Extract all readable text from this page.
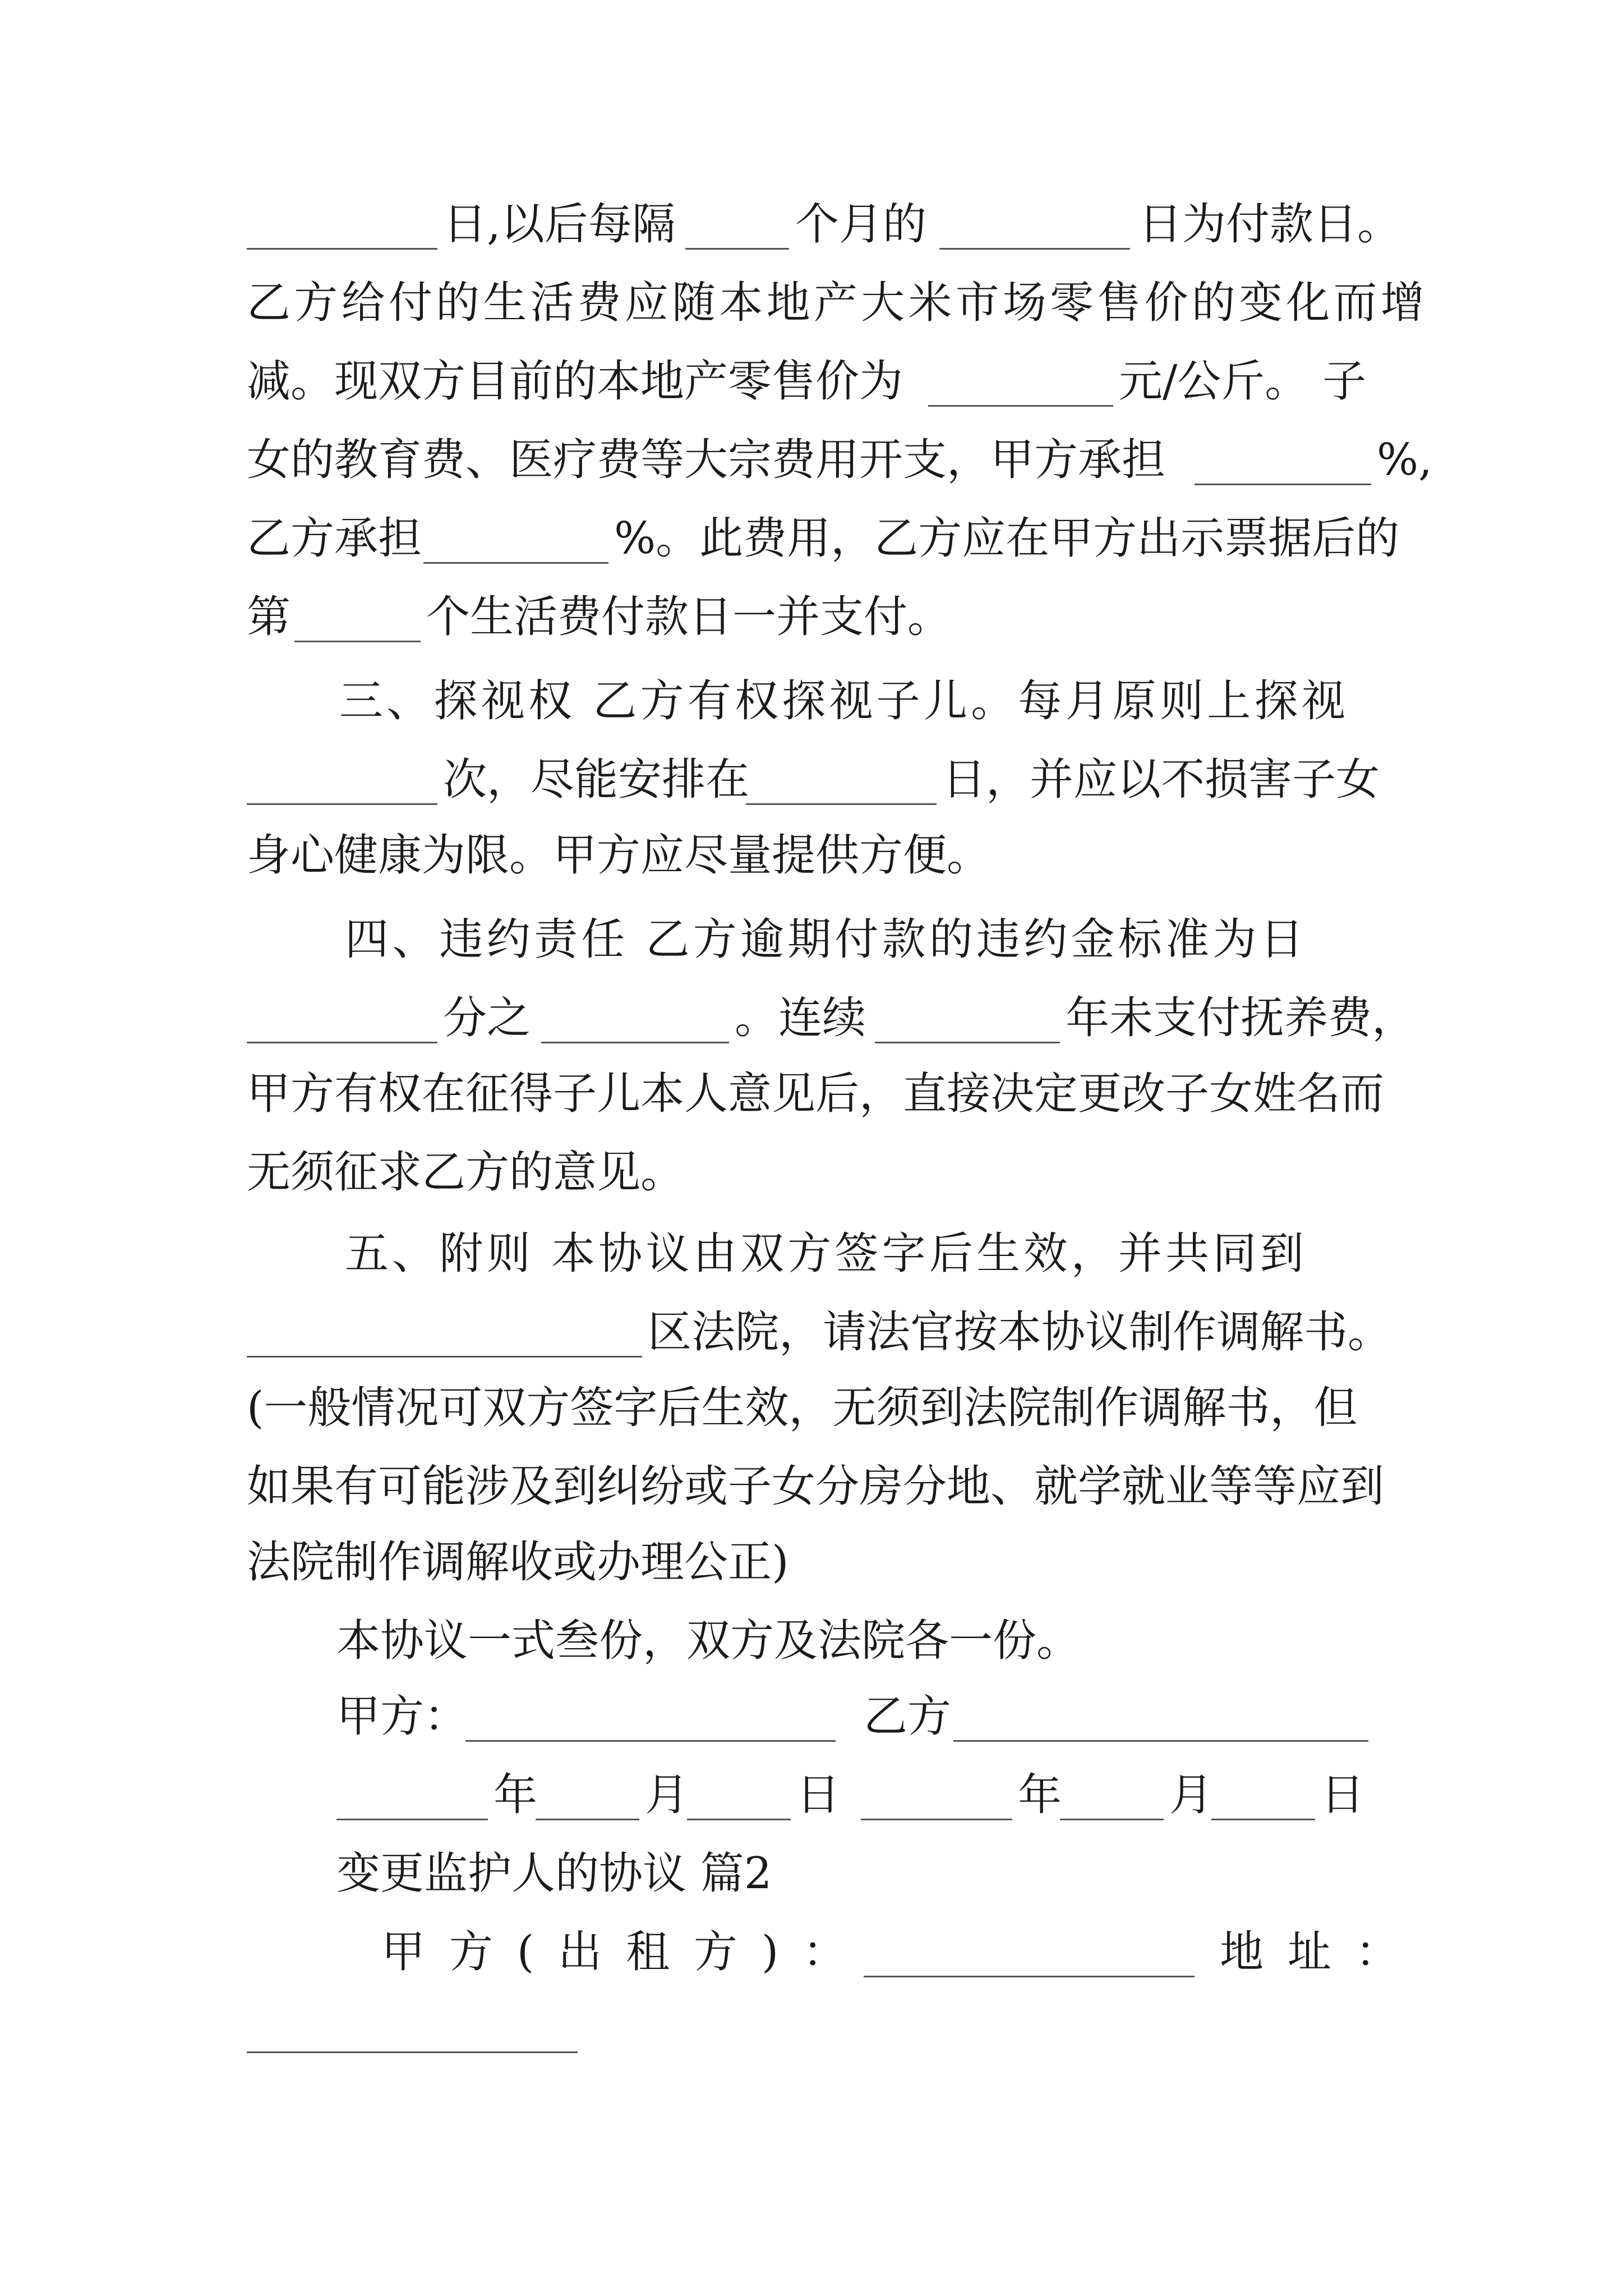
日,以后每隔	个月的	日为付款日。
乙方给付的生活费应随本地产大米市场零售价的变化而增
减。现双方目前的本地产零售价为	元/公斤。 子
女的教育费、医疗费等大宗费用开支，甲方承担	%,
乙方承担	%。此费用，乙方应在甲方出示票据后的
第	个生活费付款日一并支付。
三、探视权 乙方有权探视子儿。每月原则上探视
次，尽能安排在	日，并应以不损害子女
身心健康为限。甲方应尽量提供方便。
四、违约责任 乙方逾期付款的违约金标准为日
分之	。连续	年未支付抚养费，
甲方有权在征得子儿本人意见后，直接决定更改子女姓名而
无须征求乙方的意见。
五、附则 本协议由双方签字后生效，并共同到
区法院，请法官按本协议制作调解书。
(一般情况可双方签字后生效，无须到法院制作调解书，但
如果有可能涉及到纠纷或子女分房分地、就学就业等等应到
法院制作调解收或办理公正)
本协议一式叁份，双方及法院各一份。
甲方：	乙方
年 月 日	年 月 日
变更监护人的协议 篇2
甲方(出租方)：	地址：
